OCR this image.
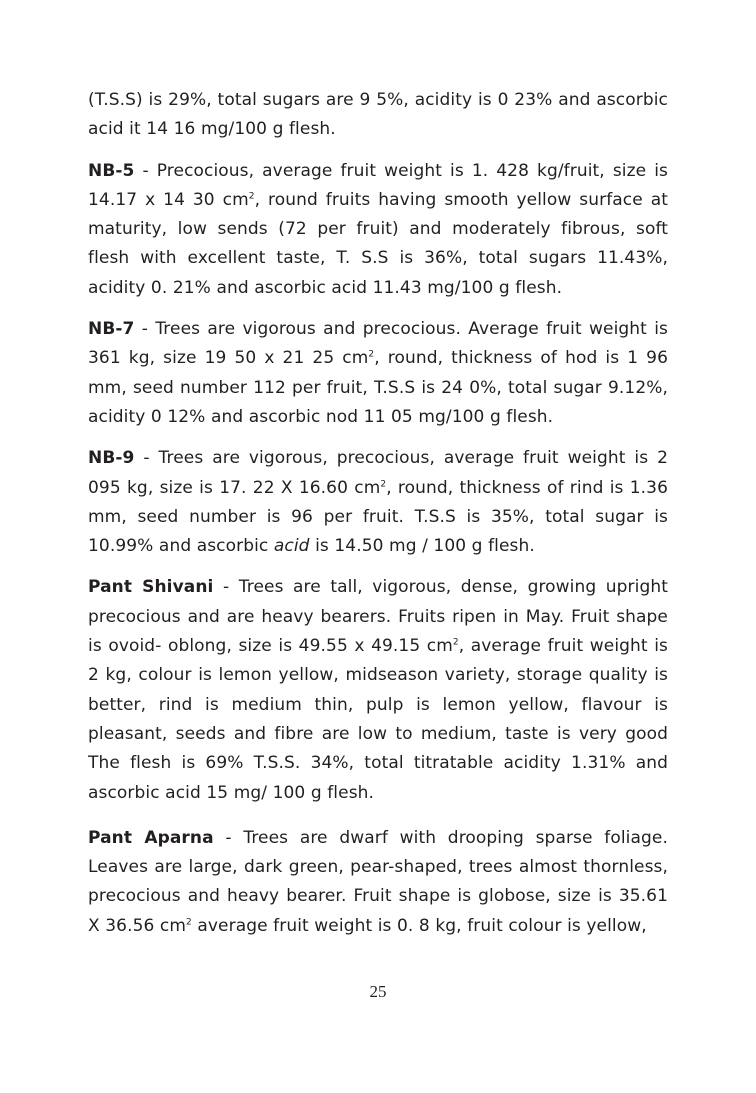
(T.S.S) is 29%, total sugars are 9 5%, acidity is 0 23% and ascorbic acid it 14 16 mg/100 g flesh.

NB-5 - Precocious, average fruit weight is 1. 428 kg/fruit, size is 14.17 x 14 30 $cm^2$, round fruits having smooth yellow surface at maturity, low sends (72 per fruit) and moderately fibrous, soft flesh with excellent taste, T. S.S is 36%, total sugars 11.43%, acidity 0. 21% and ascorbic acid 11.43 mg/100 g flesh.

NB-7 - Trees are vigorous and precocious. Average fruit weight is 361 kg, size 19 50 x 21 25 $cm^2$, round, thickness of hod is 1 96 mm, seed number 112 per fruit, T.S.S is 24 0%, total sugar 9.12%, acidity 0 12% and ascorbic nod 11 05 mg/100 g flesh.

NB-9 - Trees are vigorous, precocious, average fruit weight is 2 095 kg, size is 17. 22 X 16.60 $cm^2$, round, thickness of rind is 1.36 mm, seed number is 96 per fruit. T.S.S is 35%, total sugar is 10.99% and ascorbic acid is 14.50 mg / 100 g flesh.

Pant Shivani - Trees are tall, vigorous, dense, growing upright precocious and are heavy bearers. Fruits ripen in May. Fruit shape is ovoid- oblong, size is 49.55 x 49.15 $cm^2$, average fruit weight is 2 kg, colour is lemon yellow, midseason variety, storage quality is better, rind is medium thin, pulp is lemon yellow, flavour is pleasant, seeds and fibre are low to medium, taste is very good The flesh is 69% T.S.S. 34%, total titratable acidity 1.31% and ascorbic acid 15 mg/ 100 g flesh.

Pant Aparna - Trees are dwarf with drooping sparse foliage. Leaves are large, dark green, pear-shaped, trees almost thornless, precocious and heavy bearer. Fruit shape is globose, size is 35.61 X 36.56 $cm^2$ average fruit weight is 0. 8 kg, fruit colour is yellow,

25
